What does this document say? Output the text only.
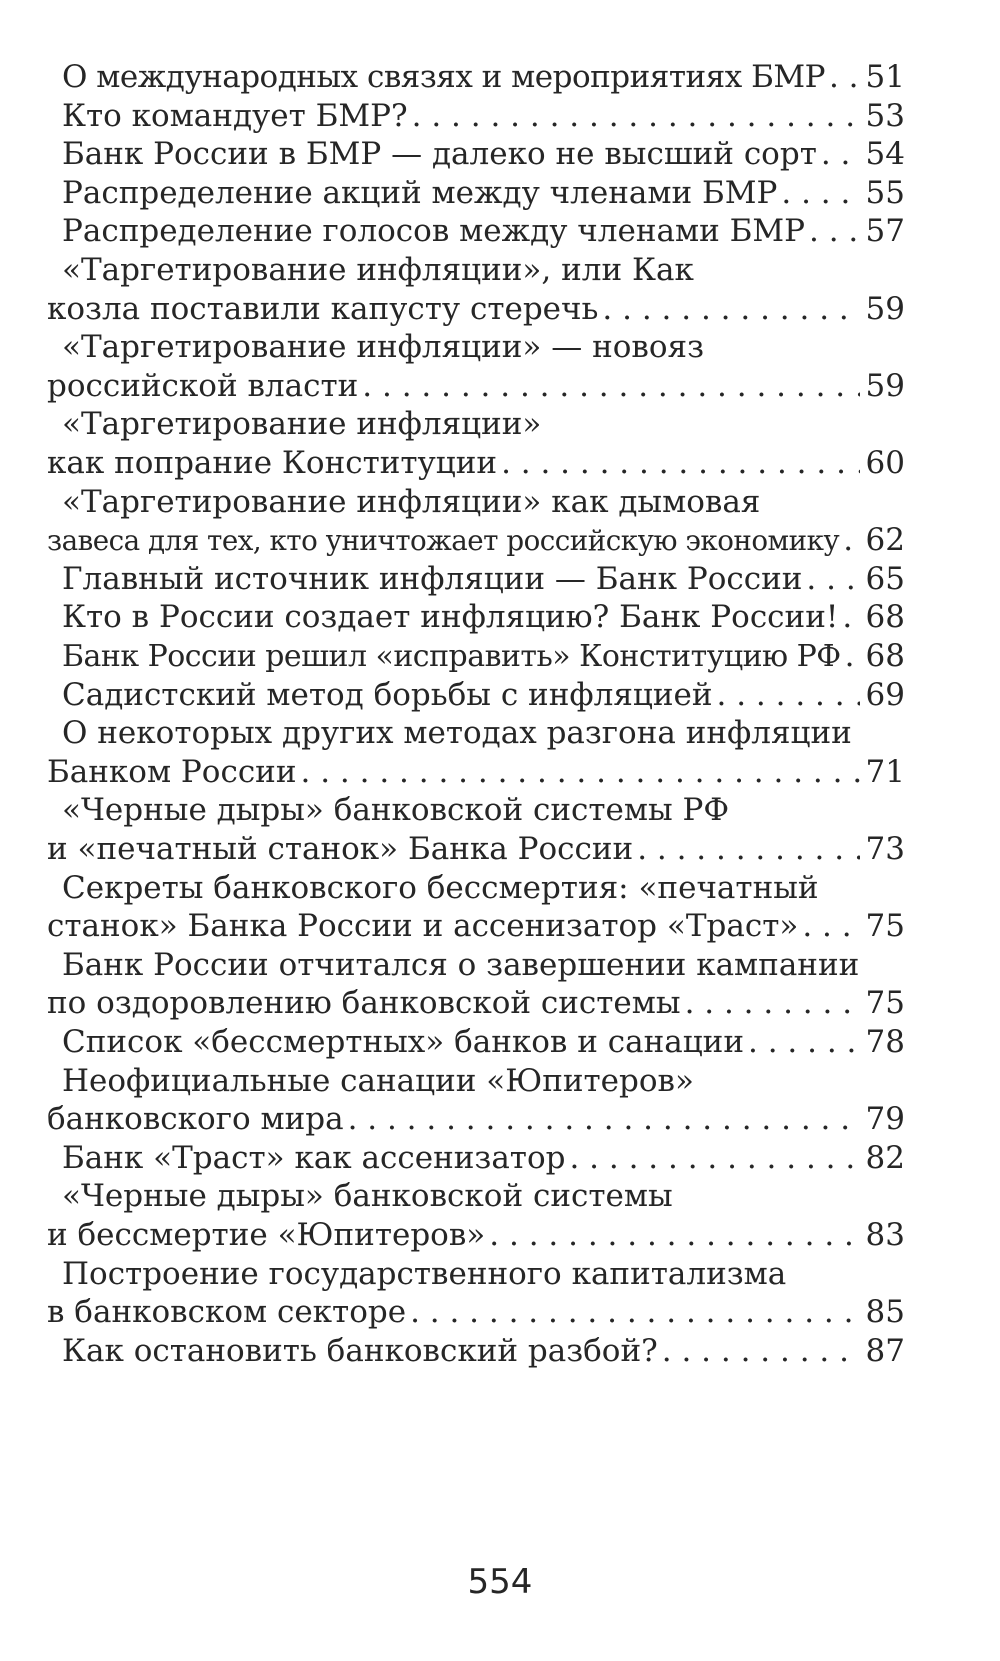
О международных связях и мероприятиях БМР . . . 51
Кто командует БМР? . . .	53
Банк России в БМР — далеко не высший сорт . . . 54
Распределение акций между членами БМР . . .	55
Распределение голосов между членами БМР . . . 57
«Таргетирование инфляции», или Как
козла поставили капусту стеречь . . .	59
«Таргетирование инфляции» — новояз
российской власти . . .	59
«Таргетирование инфляции»
как попрание Конституции . . .	60
«Таргетирование инфляции» как дымовая
завеса для тех, кто уничтожает российскую экономику . . . 62
Главный источник инфляции — Банк России . . . 65
Кто в России создает инфляцию? Банк России! . . . 68
Банк России решил «исправить» Конституцию РФ . . . 68
Садистский метод борьбы с инфляцией . . .	69
О некоторых других методах разгона инфляции
Банком России . . .	71
«Черные дыры» банковской системы РФ
и «печатный станок» Банка России . . .	73
Секреты банковского бессмертия: «печатный
станок» Банка России и ассенизатор «Траст» . . . 75
Банк России отчитался о завершении кампании
по оздоровлению банковской системы . . .	75
Список «бессмертных» банков и санации . . .	78
Неофициальные санации «Юпитеров»
банковского мира . . .	79
Банк «Траст» как ассенизатор . . .	82
«Черные дыры» банковской системы
и бессмертие «Юпитеров» . . .	83
Построение государственного капитализма
в банковском секторе . . .	85
Как остановить банковский разбой? . . .	87
554
